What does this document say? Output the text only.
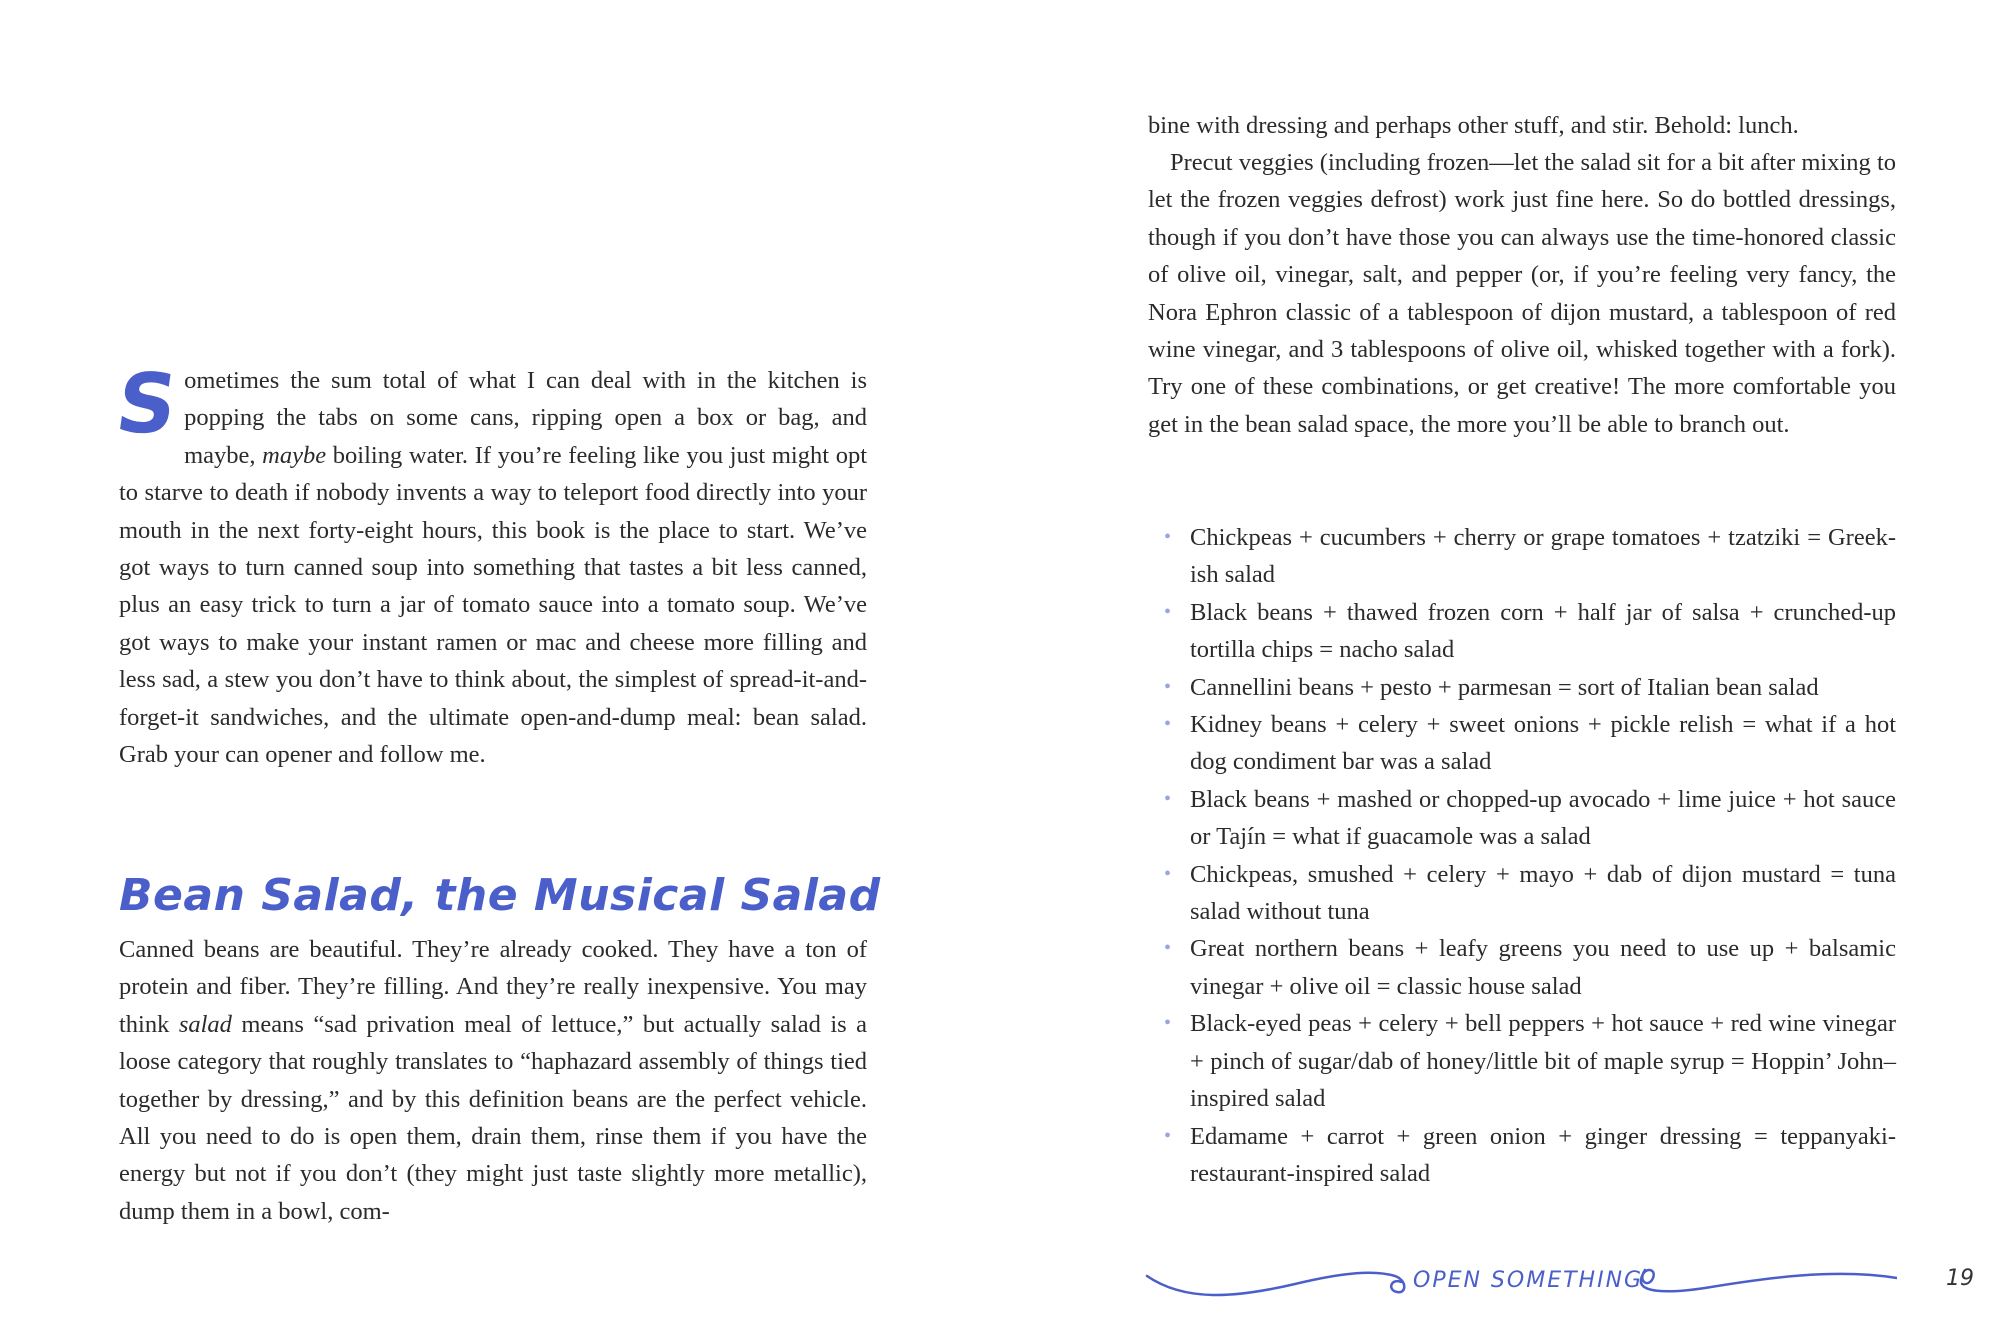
Sometimes the sum total of what I can deal with in the kitchen is popping the tabs on some cans, ripping open a box or bag, and maybe, maybe boiling water. If you’re feeling like you just might opt to starve to death if nobody invents a way to teleport food directly into your mouth in the next forty-eight hours, this book is the place to start. We’ve got ways to turn canned soup into something that tastes a bit less canned, plus an easy trick to turn a jar of tomato sauce into a tomato soup. We’ve got ways to make your instant ramen or mac and cheese more filling and less sad, a stew you don’t have to think about, the simplest of spread-it-and-forget-it sandwiches, and the ultimate open-and-dump meal: bean salad. Grab your can opener and follow me.

Bean Salad, the Musical Salad

Canned beans are beautiful. They’re already cooked. They have a ton of protein and fiber. They’re filling. And they’re really inexpensive. You may think salad means “sad privation meal of lettuce,” but actually salad is a loose category that roughly translates to “haphazard assembly of things tied together by dressing,” and by this definition beans are the perfect vehicle. All you need to do is open them, drain them, rinse them if you have the energy but not if you don’t (they might just taste slightly more metallic), dump them in a bowl, com-

bine with dressing and perhaps other stuff, and stir. Behold: lunch.

Precut veggies (including frozen—let the salad sit for a bit after mixing to let the frozen veggies defrost) work just fine here. So do bottled dressings, though if you don’t have those you can always use the time-honored classic of olive oil, vinegar, salt, and pepper (or, if you’re feeling very fancy, the Nora Ephron classic of a tablespoon of dijon mustard, a tablespoon of red wine vinegar, and 3 tablespoons of olive oil, whisked together with a fork). Try one of these combinations, or get creative! The more comfortable you get in the bean salad space, the more you’ll be able to branch out.

• Chickpeas + cucumbers + cherry or grape tomatoes + tzatziki = Greek-ish salad
• Black beans + thawed frozen corn + half jar of salsa + crunched-up tortilla chips = nacho salad
• Cannellini beans + pesto + parmesan = sort of Italian bean salad
• Kidney beans + celery + sweet onions + pickle relish = what if a hot dog condiment bar was a salad
• Black beans + mashed or chopped-up avocado + lime juice + hot sauce or Tajín = what if guacamole was a salad
• Chickpeas, smushed + celery + mayo + dab of dijon mustard = tuna salad without tuna
• Great northern beans + leafy greens you need to use up + balsamic vinegar + olive oil = classic house salad
• Black-eyed peas + celery + bell peppers + hot sauce + red wine vinegar + pinch of sugar/dab of honey/little bit of maple syrup = Hoppin’ John–inspired salad
• Edamame + carrot + green onion + ginger dressing = teppanyaki-restaurant-inspired salad
OPEN SOMETHING	19
